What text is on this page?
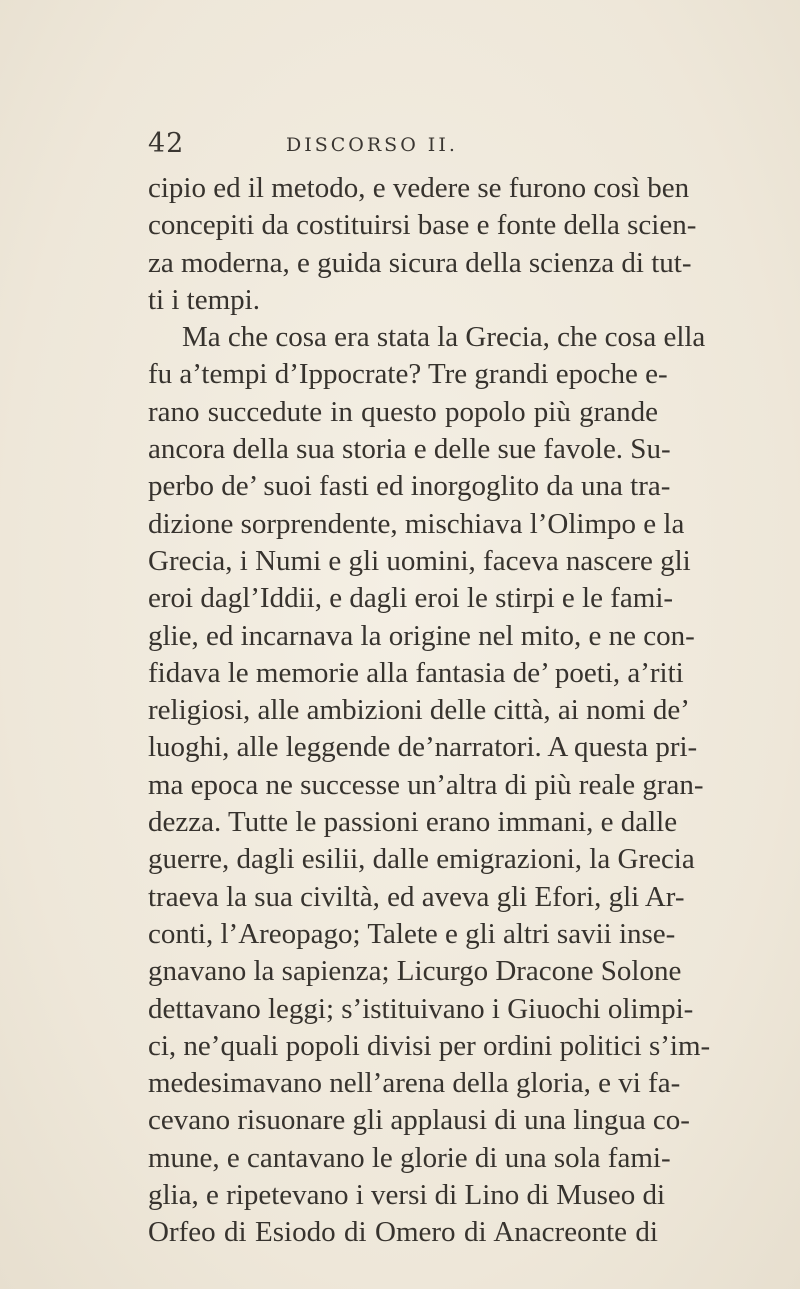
42	DISCORSO II.
cipio ed il metodo, e vedere se furono così ben
concepiti da costituirsi base e fonte della scien-
za moderna, e guida sicura della scienza di tut-
ti i tempi.
Ma che cosa era stata la Grecia, che cosa ella
fu a’tempi d’Ippocrate? Tre grandi epoche e-
rano succedute in questo popolo più grande
ancora della sua storia e delle sue favole. Su-
perbo de’ suoi fasti ed inorgoglito da una tra-
dizione sorprendente, mischiava l’Olimpo e la
Grecia, i Numi e gli uomini, faceva nascere gli
eroi dagl’Iddii, e dagli eroi le stirpi e le fami-
glie, ed incarnava la origine nel mito, e ne con-
fidava le memorie alla fantasia de’ poeti, a’riti
religiosi, alle ambizioni delle città, ai nomi de’
luoghi, alle leggende de’narratori. A questa pri-
ma epoca ne successe un’altra di più reale gran-
dezza. Tutte le passioni erano immani, e dalle
guerre, dagli esilii, dalle emigrazioni, la Grecia
traeva la sua civiltà, ed aveva gli Efori, gli Ar-
conti, l’Areopago; Talete e gli altri savii inse-
gnavano la sapienza; Licurgo Dracone Solone
dettavano leggi; s’istituivano i Giuochi olimpi-
ci, ne’quali popoli divisi per ordini politici s’im-
medesimavano nell’arena della gloria, e vi fa-
cevano risuonare gli applausi di una lingua co-
mune, e cantavano le glorie di una sola fami-
glia, e ripetevano i versi di Lino di Museo di
Orfeo di Esiodo di Omero di Anacreonte di
